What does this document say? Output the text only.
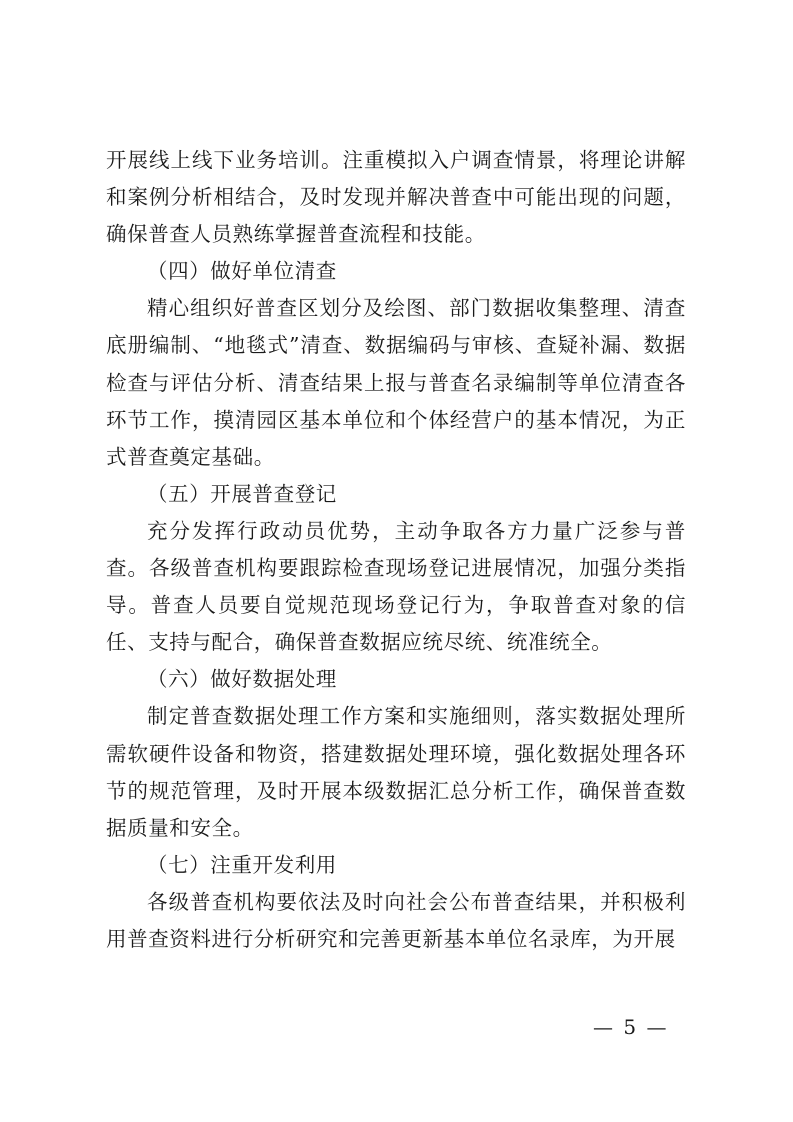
开展线上线下业务培训。注重模拟入户调查情景，将理论讲解和案例分析相结合，及时发现并解决普查中可能出现的问题，确保普查人员熟练掌握普查流程和技能。

（四）做好单位清查

精心组织好普查区划分及绘图、部门数据收集整理、清查底册编制、“地毯式”清查、数据编码与审核、查疑补漏、数据检查与评估分析、清查结果上报与普查名录编制等单位清查各环节工作，摸清园区基本单位和个体经营户的基本情况，为正式普查奠定基础。

（五）开展普查登记

充分发挥行政动员优势，主动争取各方力量广泛参与普查。各级普查机构要跟踪检查现场登记进展情况，加强分类指导。普查人员要自觉规范现场登记行为，争取普查对象的信任、支持与配合，确保普查数据应统尽统、统准统全。

（六）做好数据处理

制定普查数据处理工作方案和实施细则，落实数据处理所需软硬件设备和物资，搭建数据处理环境，强化数据处理各环节的规范管理，及时开展本级数据汇总分析工作，确保普查数据质量和安全。

（七）注重开发利用

各级普查机构要依法及时向社会公布普查结果，并积极利用普查资料进行分析研究和完善更新基本单位名录库，为开展

— 5 —
